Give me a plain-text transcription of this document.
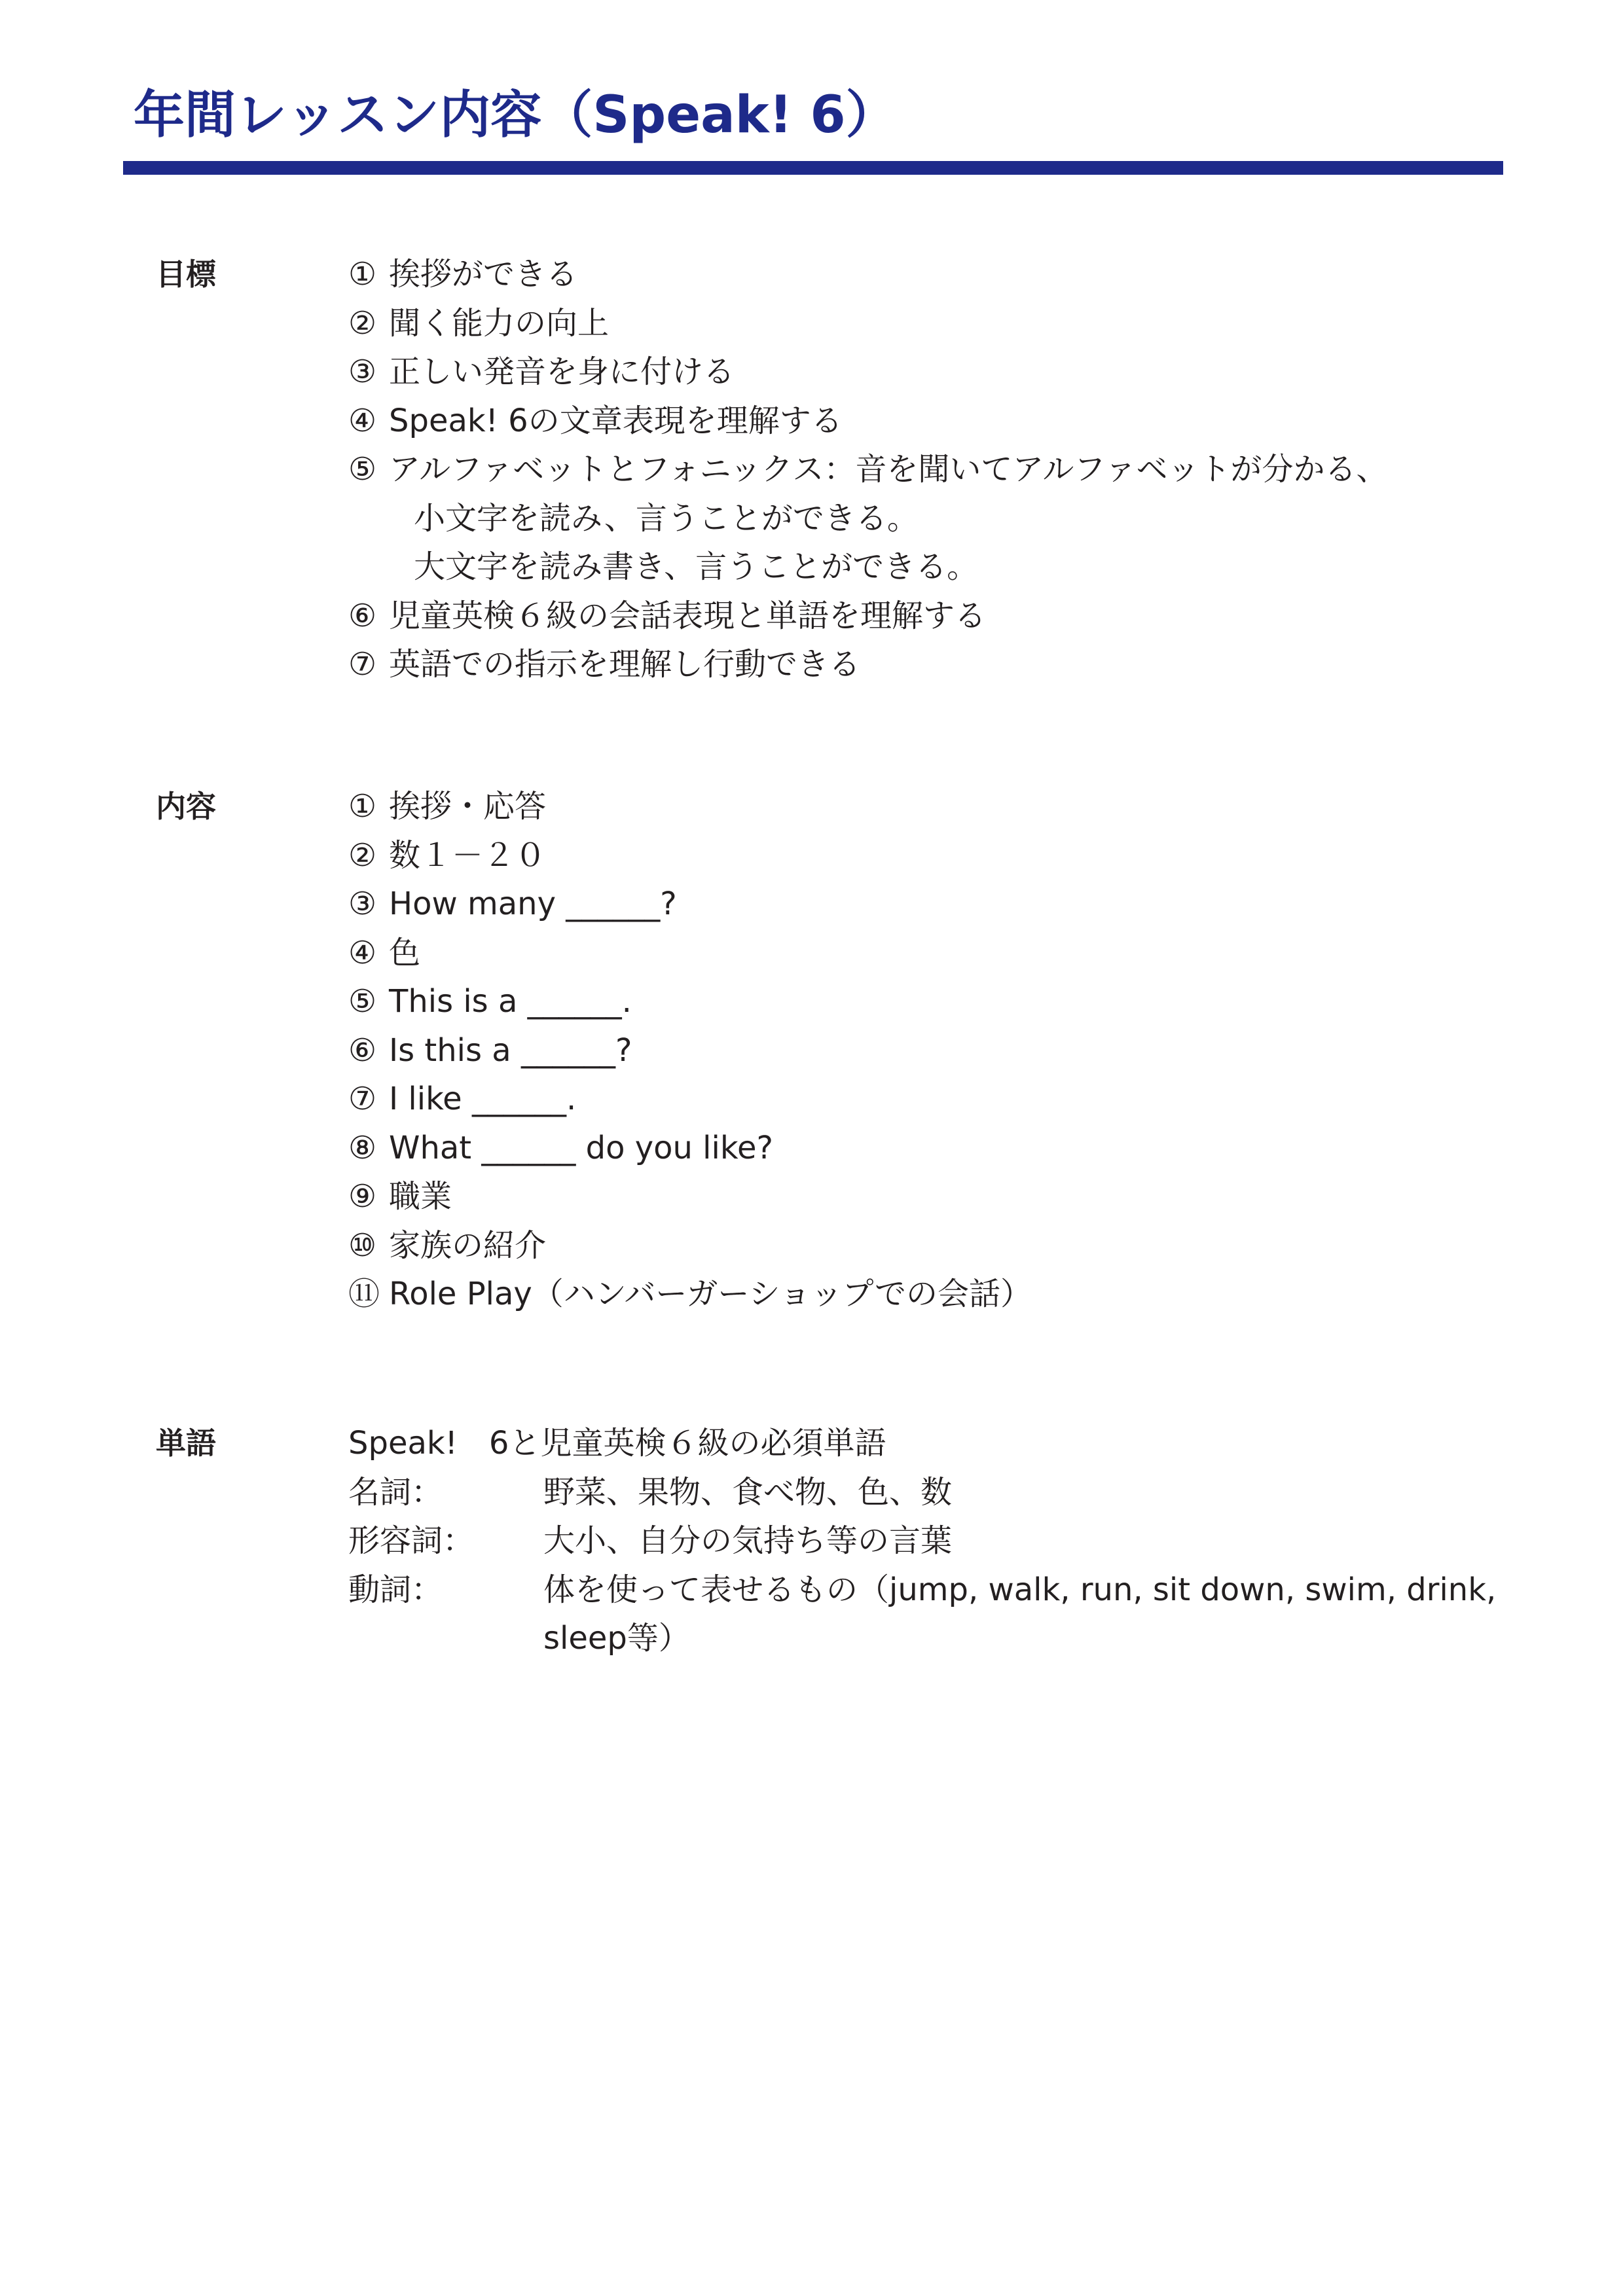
年間レッスン内容（Speak! 6）
目標	① 挨拶ができる
② 聞く能力の向上
③ 正しい発音を身に付ける
④ Speak! 6の文章表現を理解する
⑤ アルファベットとフォニックス：音を聞いてアルファベットが分かる、
小文字を読み、言うことができる。
大文字を読み書き、言うことができる。
⑥ 児童英検６級の会話表現と単語を理解する
⑦ 英語での指示を理解し行動できる
内容	① 挨拶・応答
② 数１－２０
③ How many ______?
④ 色
⑤ This is a ______.
⑥ Is this a ______?
⑦ I like ______.
⑧ What ______ do you like?
⑨ 職業
⑩ 家族の紹介
⑪ Role Play（ハンバーガーショップでの会話）
単語	Speak!　6と児童英検６級の必須単語
名詞：	野菜、果物、食べ物、色、数
形容詞： 大小、自分の気持ち等の言葉
動詞：	体を使って表せるもの（jump, walk, run, sit down, swim, drink,
sleep等）
